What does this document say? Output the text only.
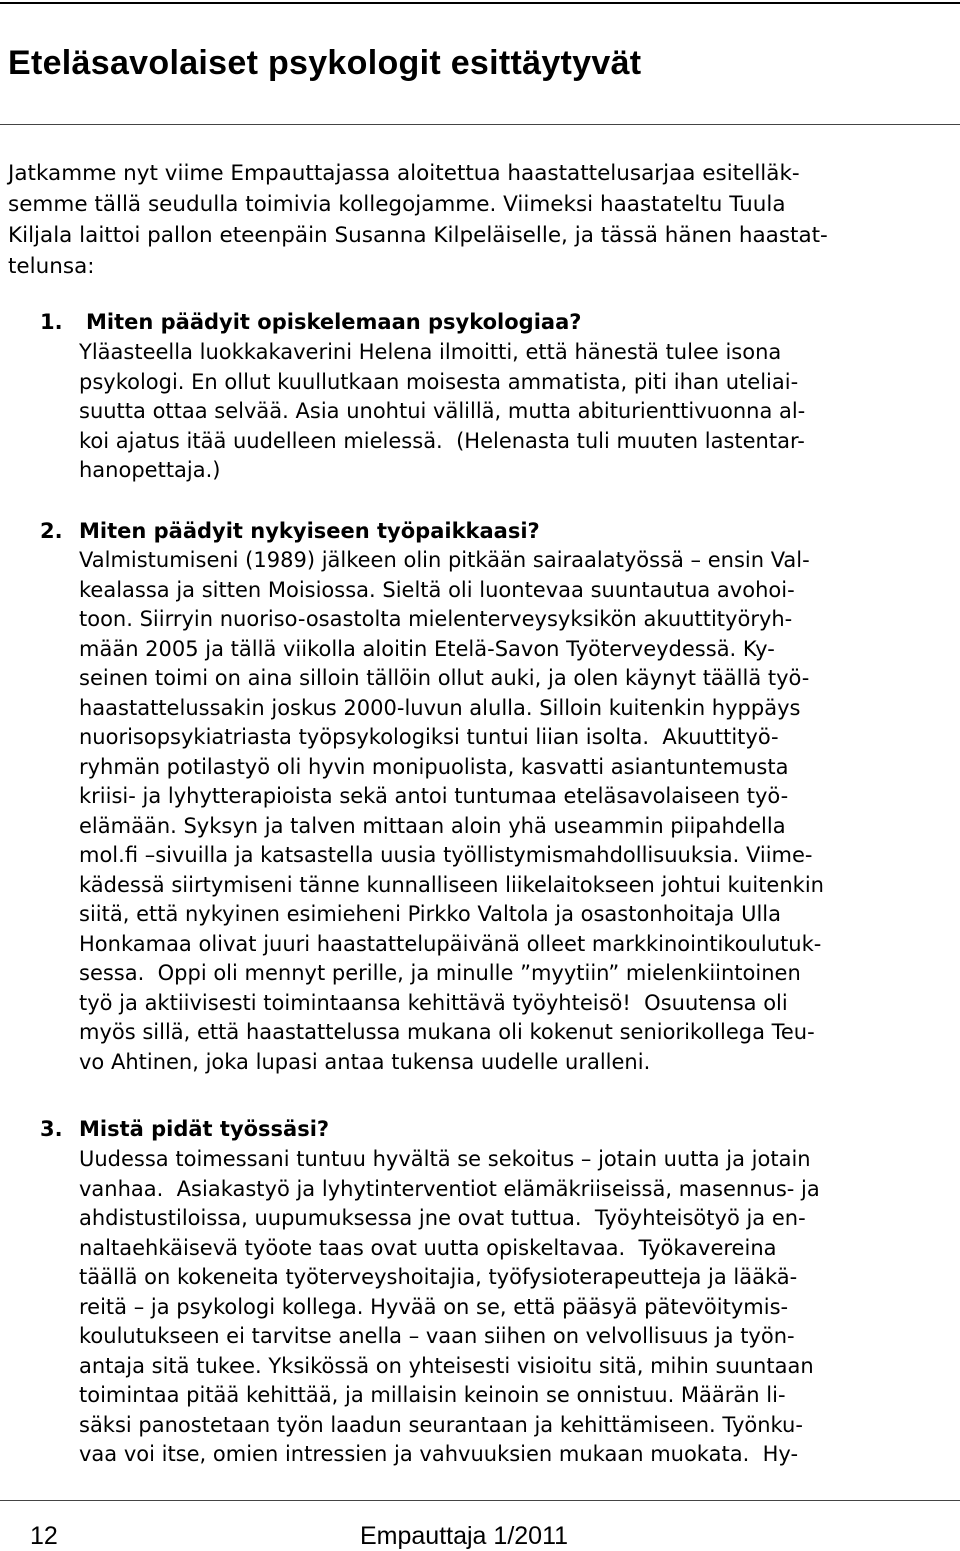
Eteläsavolaiset psykologit esittäytyvät

Jatkamme nyt viime Empauttajassa aloitettua haastattelusarjaa esitelläk-
semme tällä seudulla toimivia kollegojamme. Viimeksi haastateltu Tuula
Kiljala laittoi pallon eteenpäin Susanna Kilpeläiselle, ja tässä hänen haastat-
telunsa:

1. Miten päädyit opiskelemaan psykologiaa?

Yläasteella luokkakaverini Helena ilmoitti, että hänestä tulee isona
psykologi. En ollut kuullutkaan moisesta ammatista, piti ihan uteliai-
suutta ottaa selvää. Asia unohtui välillä, mutta abiturienttivuonna al-
koi ajatus itää uudelleen mielessä.  (Helenasta tuli muuten lastentar-
hanopettaja.)

2. Miten päädyit nykyiseen työpaikkaasi?

Valmistumiseni (1989) jälkeen olin pitkään sairaalatyössä – ensin Val-
kealassa ja sitten Moisiossa. Sieltä oli luontevaa suuntautua avohoi-
toon. Siirryin nuoriso-osastolta mielenterveysyksikön akuuttityöryh-
mään 2005 ja tällä viikolla aloitin Etelä-Savon Työterveydessä. Ky-
seinen toimi on aina silloin tällöin ollut auki, ja olen käynyt täällä työ-
haastattelussakin joskus 2000-luvun alulla. Silloin kuitenkin hyppäys
nuorisopsykiatriasta työpsykologiksi tuntui liian isolta.  Akuuttityö-
ryhmän potilastyö oli hyvin monipuolista, kasvatti asiantuntemusta
kriisi- ja lyhytterapioista sekä antoi tuntumaa eteläsavolaiseen työ-
elämään. Syksyn ja talven mittaan aloin yhä useammin piipahdella
mol.fi –sivuilla ja katsastella uusia työllistymismahdollisuuksia. Viime-
kädessä siirtymiseni tänne kunnalliseen liikelaitokseen johtui kuitenkin
siitä, että nykyinen esimieheni Pirkko Valtola ja osastonhoitaja Ulla
Honkamaa olivat juuri haastattelupäivänä olleet markkinointikoulutuk-
sessa.  Oppi oli mennyt perille, ja minulle ”myytiin” mielenkiintoinen
työ ja aktiivisesti toimintaansa kehittävä työyhteisö!  Osuutensa oli
myös sillä, että haastattelussa mukana oli kokenut seniorikollega Teu-
vo Ahtinen, joka lupasi antaa tukensa uudelle uralleni.

3. Mistä pidät työssäsi?

Uudessa toimessani tuntuu hyvältä se sekoitus – jotain uutta ja jotain
vanhaa.  Asiakastyö ja lyhytinterventiot elämäkriiseissä, masennus- ja
ahdistustiloissa, uupumuksessa jne ovat tuttua.  Työyhteisötyö ja en-
naltaehkäisevä työote taas ovat uutta opiskeltavaa.  Työkavereina
täällä on kokeneita työterveyshoitajia, työfysioterapeutteja ja lääkä-
reitä – ja psykologi kollega. Hyvää on se, että pääsyä pätevöitymis-
koulutukseen ei tarvitse anella – vaan siihen on velvollisuus ja työn-
antaja sitä tukee. Yksikössä on yhteisesti visioitu sitä, mihin suuntaan
toimintaa pitää kehittää, ja millaisin keinoin se onnistuu. Määrän li-
säksi panostetaan työn laadun seurantaan ja kehittämiseen. Työnku-
vaa voi itse, omien intressien ja vahvuuksien mukaan muokata.  Hy-

12	Empauttaja 1/2011
